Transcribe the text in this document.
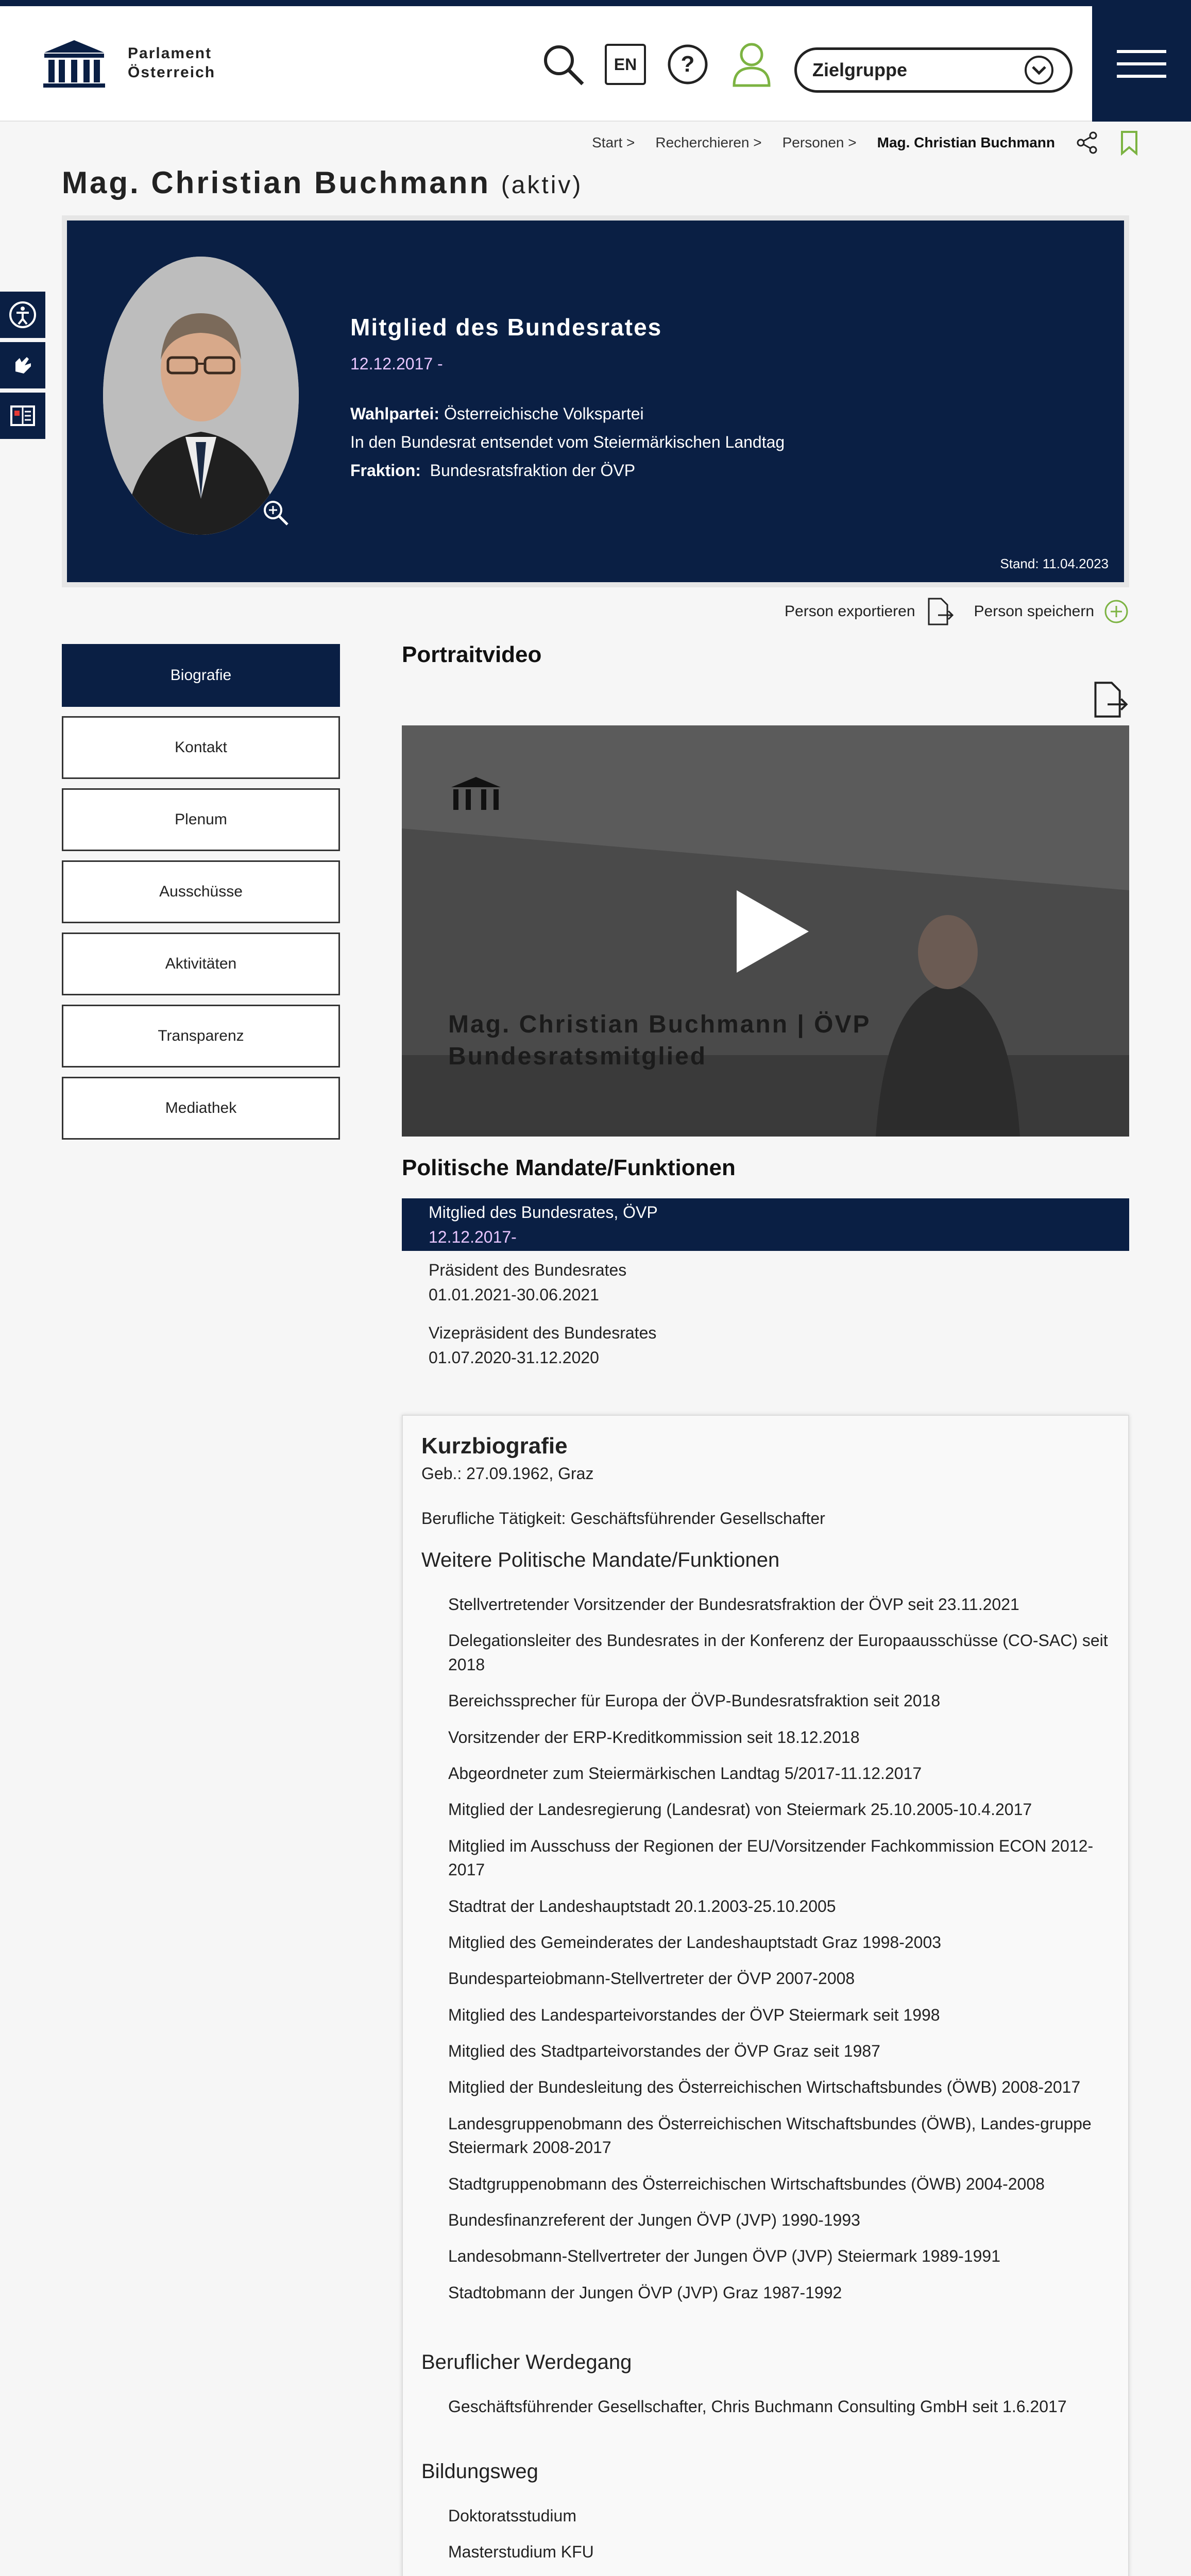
Parlament
Österreich	EN	?	Zielgruppe
Start > Recherchieren > Personen > Mag. Christian Buchmann
Mag. Christian Buchmann (aktiv)
Mitglied des Bundesrates
12.12.2017 -
Wahlpartei: Österreichische Volkspartei
In den Bundesrat entsendet vom Steiermärkischen Landtag
Fraktion: Bundesratsfraktion der ÖVP
Stand: 11.04.2023
Person exportieren	Person speichern
Biografie
Kontakt
Plenum
Ausschüsse
Aktivitäten
Transparenz
Mediathek
Portraitvideo
Mag. Christian Buchmann | ÖVP
Bundesratsmitglied
Politische Mandate/Funktionen
Mitglied des Bundesrates, ÖVP
12.12.2017-
Präsident des Bundesrates
01.01.2021-30.06.2021
Vizepräsident des Bundesrates
01.07.2020-31.12.2020
Kurzbiografie
Geb.: 27.09.1962, Graz
Berufliche Tätigkeit: Geschäftsführender Gesellschafter
Weitere Politische Mandate/Funktionen
Stellvertretender Vorsitzender der Bundesratsfraktion der ÖVP seit 23.11.2021
Delegationsleiter des Bundesrates in der Konferenz der Europaausschüsse (CO-SAC) seit 2018
Bereichssprecher für Europa der ÖVP-Bundesratsfraktion seit 2018
Vorsitzender der ERP-Kreditkommission seit 18.12.2018
Abgeordneter zum Steiermärkischen Landtag 5/2017-11.12.2017
Mitglied der Landesregierung (Landesrat) von Steiermark 25.10.2005-10.4.2017
Mitglied im Ausschuss der Regionen der EU/Vorsitzender Fachkommission ECON 2012-2017
Stadtrat der Landeshauptstadt 20.1.2003-25.10.2005
Mitglied des Gemeinderates der Landeshauptstadt Graz 1998-2003
Bundesparteiobmann-Stellvertreter der ÖVP 2007-2008
Mitglied des Landesparteivorstandes der ÖVP Steiermark seit 1998
Mitglied des Stadtparteivorstandes der ÖVP Graz seit 1987
Mitglied der Bundesleitung des Österreichischen Wirtschaftsbundes (ÖWB) 2008-2017
Landesgruppenobmann des Österreichischen Witschaftsbundes (ÖWB), Landes-gruppe Steiermark 2008-2017
Stadtgruppenobmann des Österreichischen Wirtschaftsbundes (ÖWB) 2004-2008
Bundesfinanzreferent der Jungen ÖVP (JVP) 1990-1993
Landesobmann-Stellvertreter der Jungen ÖVP (JVP) Steiermark 1989-1991
Stadtobmann der Jungen ÖVP (JVP) Graz 1987-1992
Beruflicher Werdegang
Geschäftsführender Gesellschafter, Chris Buchmann Consulting GmbH seit 1.6.2017
Bildungsweg
Doktoratsstudium
Masterstudium KFU
